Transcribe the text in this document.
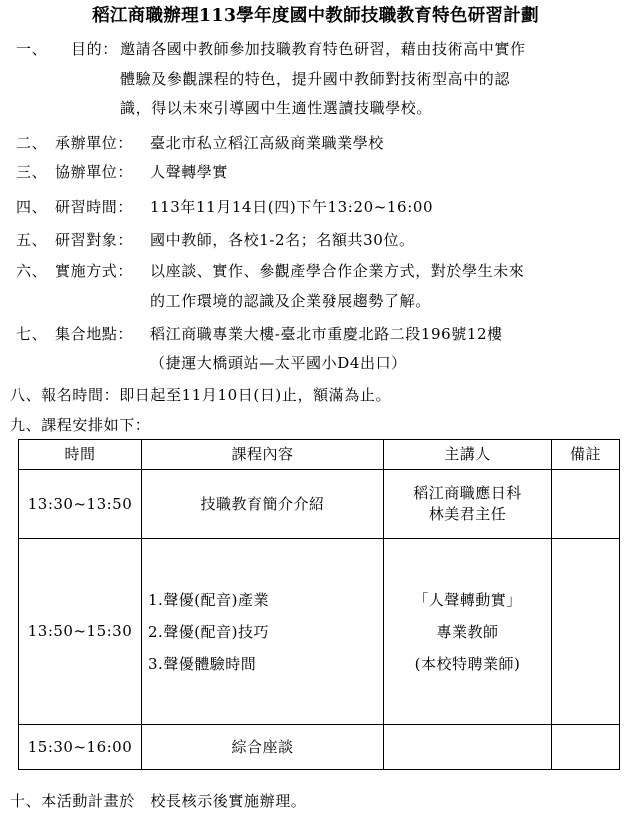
稻江商職辦理113學年度國中教師技職教育特色研習計劃
一、 目的： 邀請各國中教師參加技職教育特色研習，藉由技術高中實作
體驗及參觀課程的特色，提升國中教師對技術型高中的認
識，得以未來引導國中生適性選讀技職學校。
二、 承辦單位： 臺北市私立稻江高級商業職業學校
三、 協辦單位： 人聲轉學實
四、 研習時間： 113年11月14日(四)下午13:20~16:00
五、 研習對象： 國中教師，各校1-2名；名額共30位。
六、 實施方式： 以座談、實作、參觀產學合作企業方式，對於學生未來
的工作環境的認識及企業發展趨勢了解。
七、 集合地點： 稻江商職專業大樓-臺北市重慶北路二段196號12樓
（捷運大橋頭站—太平國小D4出口）
八、報名時間：即日起至11月10日(日)止，額滿為止。
九、課程安排如下：
時間	課程內容	主講人	備註
13:30~13:50	技職教育簡介介紹	稻江商職應日科
林美君主任	

13:50~15:30	1.聲優(配音)產業
2.聲優(配音)技巧
3.聲優體驗時間	「人聲轉動實」
專業教師
(本校特聘業師)	

15:30~16:00	綜合座談		
十、本活動計畫於　校長核示後實施辦理。
